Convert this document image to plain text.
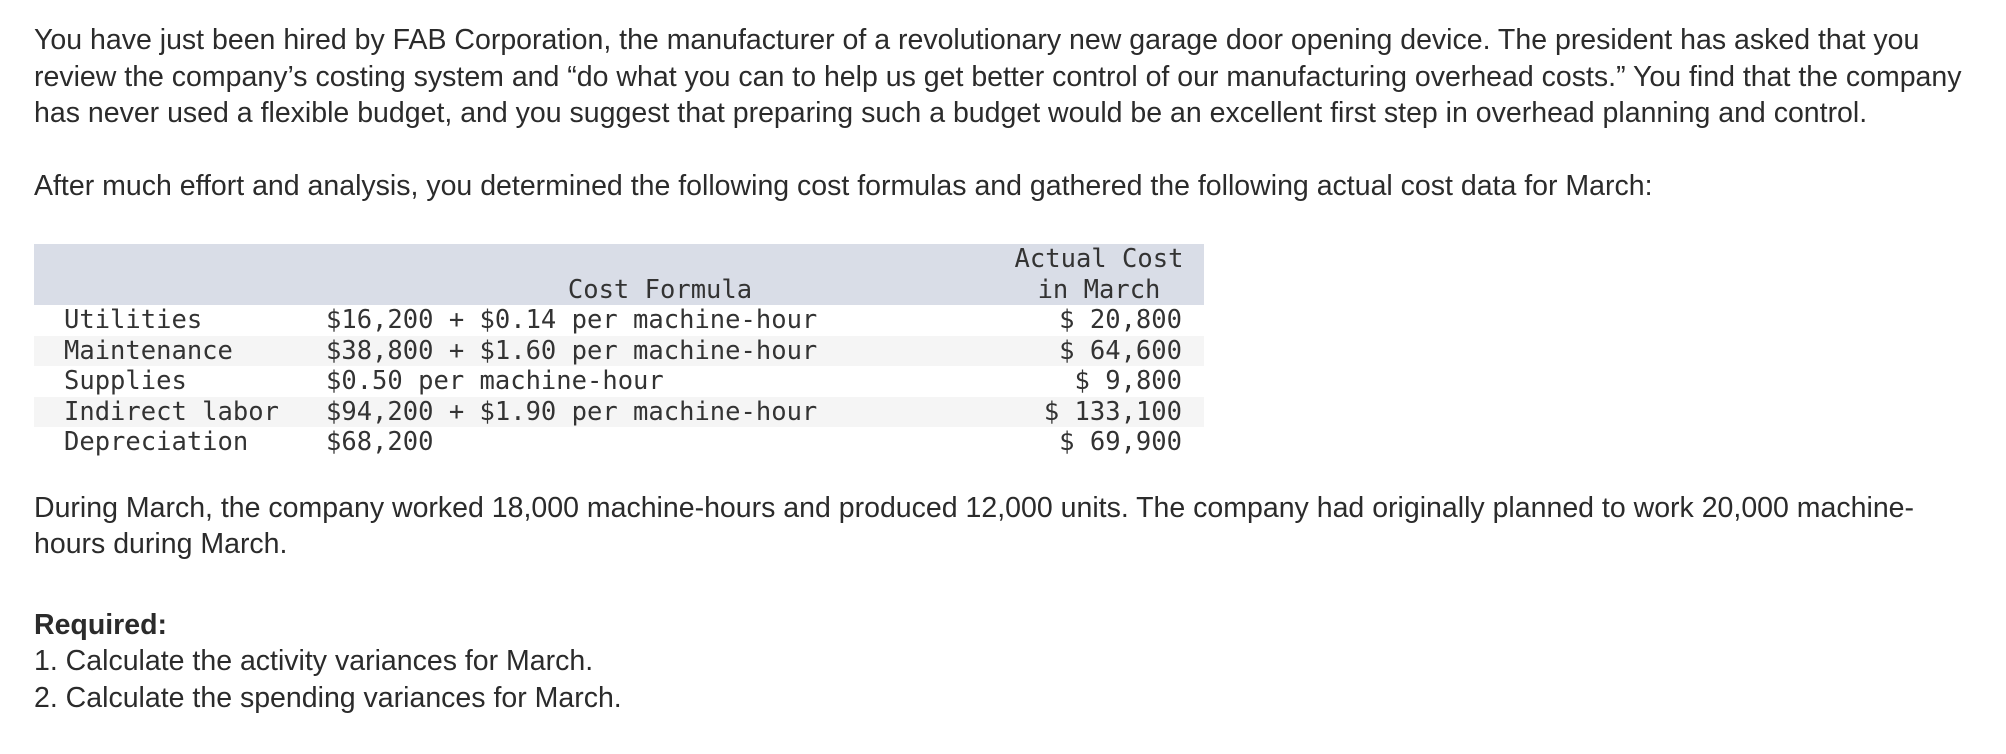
You have just been hired by FAB Corporation, the manufacturer of a revolutionary new garage door opening device. The president has asked that you review the company’s costing system and “do what you can to help us get better control of our manufacturing overhead costs.” You find that the company has never used a flexible budget, and you suggest that preparing such a budget would be an excellent first step in overhead planning and control.

After much effort and analysis, you determined the following cost formulas and gathered the following actual cost data for March:

	Cost Formula	Actual Cost
in March
Utilities	$16,200 + $0.14 per machine-hour	$ 20,800
Maintenance	$38,800 + $1.60 per machine-hour	$ 64,600
Supplies	$0.50 per machine-hour	$ 9,800
Indirect labor	$94,200 + $1.90 per machine-hour	$ 133,100
Depreciation	$68,200	$ 69,900

During March, the company worked 18,000 machine-hours and produced 12,000 units. The company had originally planned to work 20,000 machine-hours during March.

Required:

1. Calculate the activity variances for March.
2. Calculate the spending variances for March.
